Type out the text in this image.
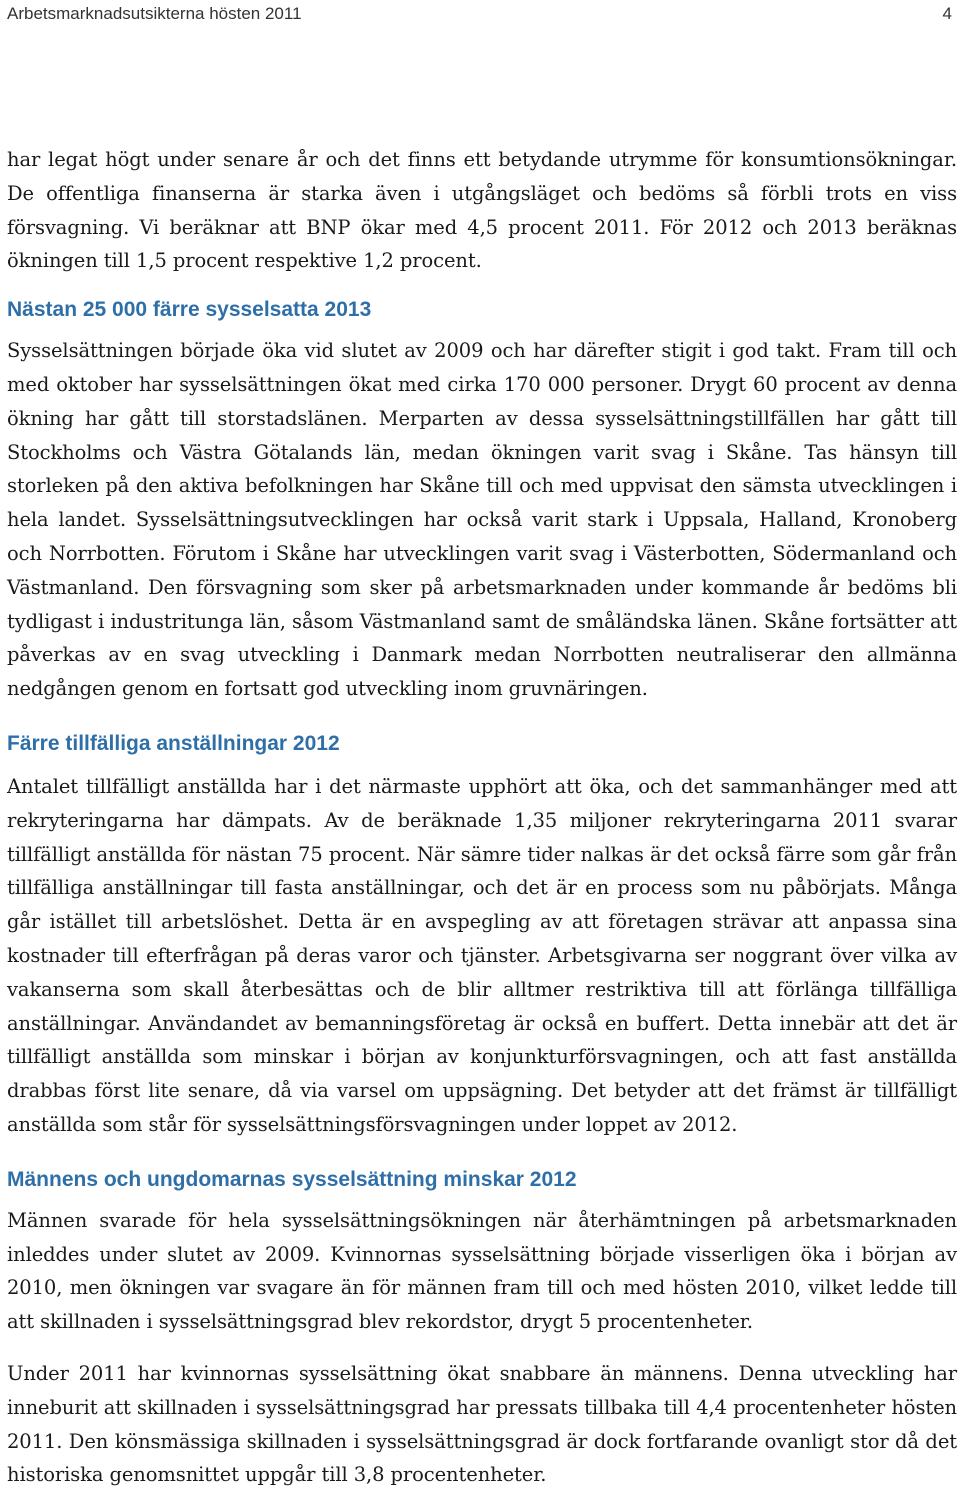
Arbetsmarknadsutsikterna hösten 2011	4

har legat högt under senare år och det finns ett betydande utrymme för konsumtionsökningar. De offentliga finanserna är starka även i utgångsläget och bedöms så förbli trots en viss försvagning. Vi beräknar att BNP ökar med 4,5 procent 2011. För 2012 och 2013 beräknas ökningen till 1,5 procent respektive 1,2 procent.

Nästan 25 000 färre sysselsatta 2013

Sysselsättningen började öka vid slutet av 2009 och har därefter stigit i god takt. Fram till och med oktober har sysselsättningen ökat med cirka 170 000 personer. Drygt 60 procent av denna ökning har gått till storstadslänen. Merparten av dessa sysselsättningstillfällen har gått till Stockholms och Västra Götalands län, medan ökningen varit svag i Skåne. Tas hänsyn till storleken på den aktiva befolkningen har Skåne till och med uppvisat den sämsta utvecklingen i hela landet. Sysselsättningsutvecklingen har också varit stark i Uppsala, Halland, Kronoberg och Norrbotten. Förutom i Skåne har utvecklingen varit svag i Västerbotten, Södermanland och Västmanland. Den försvagning som sker på arbetsmarknaden under kommande år bedöms bli tydligast i industritunga län, såsom Västmanland samt de småländska länen. Skåne fortsätter att påverkas av en svag utveckling i Danmark medan Norrbotten neutraliserar den allmänna nedgången genom en fortsatt god utveckling inom gruvnäringen.

Färre tillfälliga anställningar 2012

Antalet tillfälligt anställda har i det närmaste upphört att öka, och det sammanhänger med att rekryteringarna har dämpats. Av de beräknade 1,35 miljoner rekryteringarna 2011 svarar tillfälligt anställda för nästan 75 procent. När sämre tider nalkas är det också färre som går från tillfälliga anställningar till fasta anställningar, och det är en process som nu påbörjats. Många går istället till arbetslöshet. Detta är en avspegling av att företagen strävar att anpassa sina kostnader till efterfrågan på deras varor och tjänster. Arbetsgivarna ser noggrant över vilka av vakanserna som skall återbesättas och de blir alltmer restriktiva till att förlänga tillfälliga anställningar. Användandet av bemanningsföretag är också en buffert. Detta innebär att det är tillfälligt anställda som minskar i början av konjunkturförsvagningen, och att fast anställda drabbas först lite senare, då via varsel om uppsägning. Det betyder att det främst är tillfälligt anställda som står för sysselsättningsförsvagningen under loppet av 2012.

Männens och ungdomarnas sysselsättning minskar 2012

Männen svarade för hela sysselsättningsökningen när återhämtningen på arbetsmarknaden inleddes under slutet av 2009. Kvinnornas sysselsättning började visserligen öka i början av 2010, men ökningen var svagare än för männen fram till och med hösten 2010, vilket ledde till att skillnaden i sysselsättningsgrad blev rekordstor, drygt 5 procentenheter.

Under 2011 har kvinnornas sysselsättning ökat snabbare än männens. Denna utveckling har inneburit att skillnaden i sysselsättningsgrad har pressats tillbaka till 4,4 procentenheter hösten 2011. Den könsmässiga skillnaden i sysselsättningsgrad är dock fortfarande ovanligt stor då det historiska genomsnittet uppgår till 3,8 procentenheter.
